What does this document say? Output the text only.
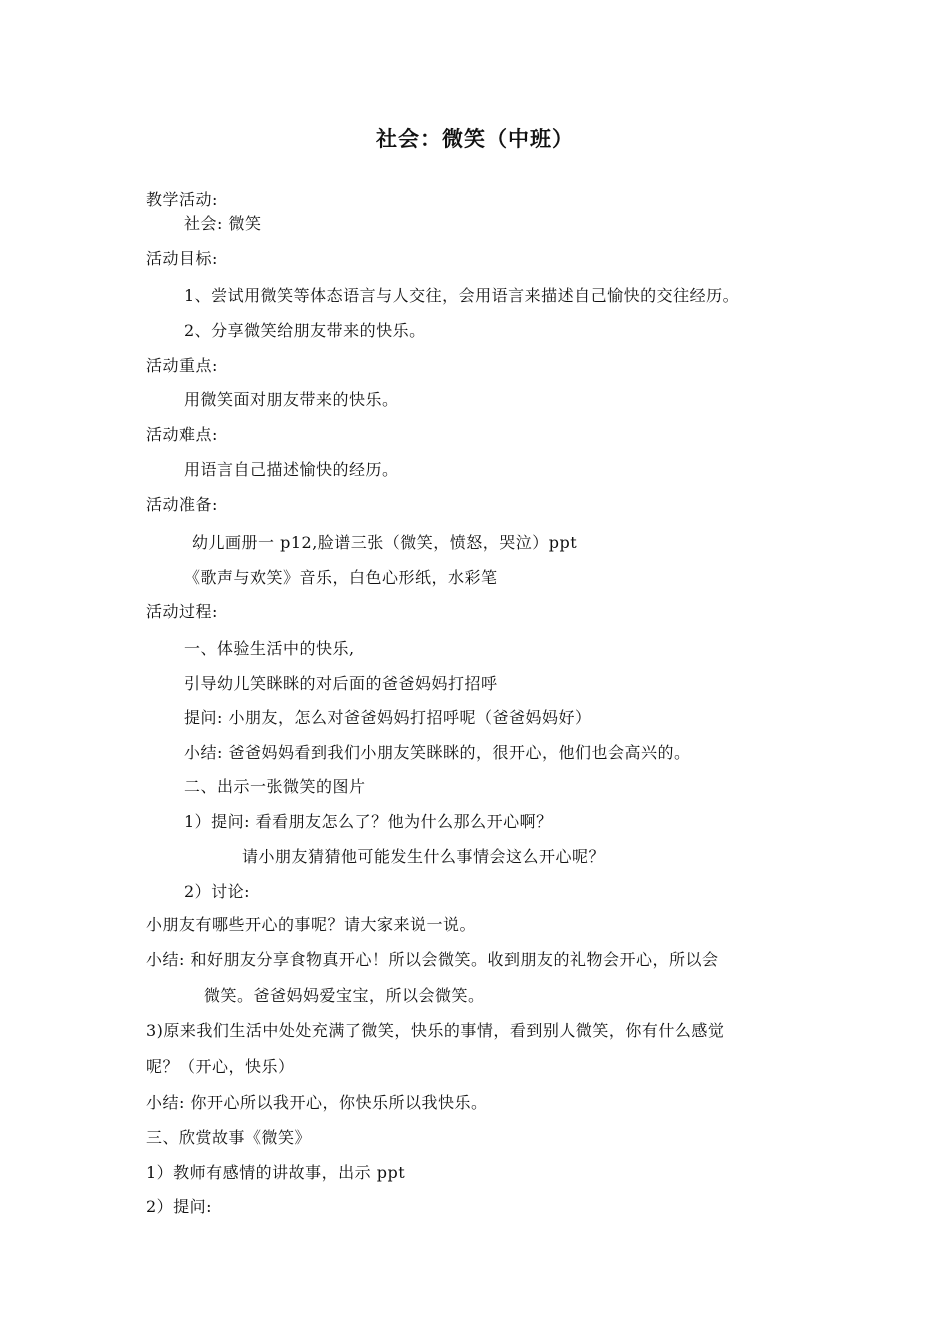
社会：微笑（中班）
教学活动:
社会: 微笑
活动目标:
1、尝试用微笑等体态语言与人交往，会用语言来描述自己愉快的交往经历。
2、分享微笑给朋友带来的快乐。
活动重点:
用微笑面对朋友带来的快乐。
活动难点:
用语言自己描述愉快的经历。
活动准备:
幼儿画册一 p12,脸谱三张（微笑，愤怒，哭泣）ppt
《歌声与欢笑》音乐，白色心形纸，水彩笔
活动过程:
一、体验生活中的快乐,
引导幼儿笑眯眯的对后面的爸爸妈妈打招呼
提问: 小朋友，怎么对爸爸妈妈打招呼呢（爸爸妈妈好）
小结: 爸爸妈妈看到我们小朋友笑眯眯的，很开心，他们也会高兴的。
二、出示一张微笑的图片
1）提问: 看看朋友怎么了？他为什么那么开心啊？
请小朋友猜猜他可能发生什么事情会这么开心呢？
2）讨论:
小朋友有哪些开心的事呢？请大家来说一说。
小结: 和好朋友分享食物真开心！所以会微笑。收到朋友的礼物会开心，所以会
微笑。爸爸妈妈爱宝宝，所以会微笑。
3)原来我们生活中处处充满了微笑，快乐的事情，看到别人微笑，你有什么感觉
呢？（开心，快乐）
小结: 你开心所以我开心，你快乐所以我快乐。
三、欣赏故事《微笑》
1）教师有感情的讲故事，出示 ppt
2）提问:
